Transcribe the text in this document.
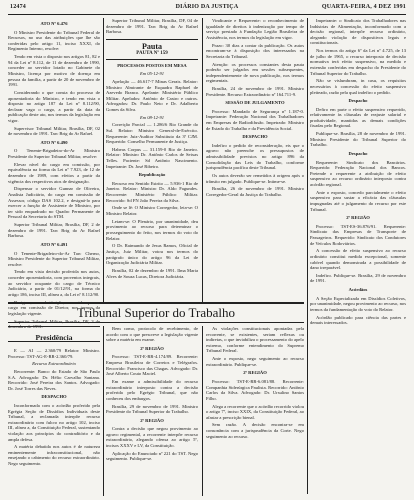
12474	DIÁRIO DA JUSTIÇA	QUARTA-FEIRA, 4 DEZ 1991

ATO Nº 6.476

O Ministro Presidente do Tribunal Federal de Recursos, no uso das atribuições que lhe são conferidas pelo artigo 11, inciso XXXI, do Regimento Interno, resolve:

Tendo em vista o disposto nos artigos 81, 82 e 94 da Lei nº 8.112, de 11 de dezembro de 1990, conceder ao servidor lotado no Gabinete do Ministro, licença por motivo de doença em pessoa da família, a partir de 20 de novembro de 1991.

Considerando o que consta do processo de aposentadoria do Ministro, e tendo em vista o disposto no artigo 187 da Lei nº 8.112/90, declarar vago o cargo, a partir da data da publicação deste ato, nos termos da legislação em vigor.

Supervisor Tribunal Militar, Brasília, DF, 02 de novembro de 1991. Tarc Brig do Ar Rafael.

ATO Nº 6.490

O Tenente-Brigadeiro-do-Ar Ministro Presidente do Superior Tribunal Militar, resolve:

Elevar nível do cargo em comissão, por equivalência na forma da Lei nº 7.923, de 12 de dezembro de 1989, com efeitos a partir da vigência dos respectivos atos de designação.

Dispensar o servidor Gunnar de Oliveira, Analista Judiciário, do cargo em comissão de Assessor, código DAS 102.2, e designá-lo para exercer a função de Assistente de Ministro, por ter sido enquadrado no Quadro Permanente de Pessoal da Secretaria do STM.

Superior Tribunal Militar, Brasília, DF, 2 de dezembro de 1991. Tarc Brig do Ar Rafael Barbosa.

ATO Nº 6.491

O Tenente-Brigadeiro-do-Ar Tarc Cherno, Ministro Presidente do Superior Tribunal Militar, resolve:

Tendo em vista decisão proferida nos autos, conceder aposentadoria, com proventos integrais, ao servidor ocupante do cargo de Técnico Judiciário, a partir de 01/12/91, na forma do artigo 186, inciso III, alínea a, da Lei nº 8.112/90.

Designar, em substituição, o servidor para o cargo em comissão de Diretor, nos termos da legislação vigente.

Superior Tribunal Militar, Brasília, DF, 3 de dezembro de 1991.

Superior Tribunal Militar, Brasília, DF, 04 de dezembro de 1991. Tarc Brig do Ar Rafael Barbosa.

Pauta
PAUTA Nº 159

PROCESSOS POSTOS EM MESA

Em 05-12-91

Apelação — 46.617-7 Minas Gerais. Relator: Ministro Almirante de Esquadra Raphael de Azevedo Branco. Apelante: Ministério Público Militar. Apelados: Antônio de Castro e outros. Advogados: Dr. Paulo Neto e Dr. Adalberto Gomes da Silva.

Em 08-12-91

Correição Parcial — 1.286/6 Rio Grande do Sul. Relator: Ministro General-de-Exército. Requerente: Juiz-Auditor Substituto da 3ª CJM. Requerido: Conselho Permanente de Justiça.

Habeas Corpus — 31.159-0 Rio de Janeiro. Relator: Ministro Dr. Antônio Carlos de Seixas Telles. Paciente: Sd Antônio Nascimento. Impetrante: Dr. José Ribeiro.

Republicação

Recurso em Sentido Estrito — 5.936-1 Rio de Janeiro. Relator: Ministro Dr. Aldo Fagundes. Recorrente: Ministério Público Militar. Recorrido: Sd FN João Pereira da Silva.

Onde se lê: O Ministro Corregedor, leia-se: O Ministro Relator.

Leiam-se: O Plenário, por unanimidade, deu provimento ao recurso para determinar o prosseguimento do feito, nos termos do voto do Relator.

O Dr. Raimundo de Jesus Ramos, Oficial de Justiça, Juiz Militar, votou nos termos do parágrafo único do artigo 96 da Lei de Organização Judiciária Militar.

Brasília, 02 de dezembro de 1991. Ilma Maria Alves de Souza Lucas, Diretora Judiciária.

Vindicante e Requerente: o reconhecimento de igualdade de direitos à indenização por tempo de serviço prestado à Fundação Legião Brasileira de Assistência, nos termos da legislação em vigor.

Prazo: 30 dias a contar da publicação. Os autos encontram-se à disposição dos interessados na Secretaria do Tribunal.

Atenção: os processos constantes desta pauta poderão ser julgados em sessões subsequentes, independentemente de nova publicação, nos termos regimentais.

Brasília, 24 de novembro de 1991. Ministro Presidente. Recurso Extraordinário nº 164.711-9.

SESSÃO DE JULGAMENTO

Processo: Mandado de Segurança nº 1.187-0. Impetrante: Federação Nacional dos Trabalhadores em Empresas de Radiodifusão. Impetrado: Ministro de Estado do Trabalho e da Previdência Social.

DESPACHO

Indefiro o pedido de reconsideração, eis que o agravo não preenche os pressupostos de admissibilidade previstos no artigo 896 da Consolidação das Leis do Trabalho, conforme jurisprudência pacífica deste Tribunal.

Os autos deverão ser remetidos à origem após o trânsito em julgado. Publique-se. Intime-se.

Brasília, 26 de novembro de 1991. Ministro Corregedor-Geral da Justiça do Trabalho.

Impetrante: o Sindicato dos Trabalhadores nas Indústrias de Alimentação, inconformado com a decisão regional, interpõe recurso ordinário, alegando violação de dispositivos legais e constitucionais.

Nos termos do artigo 6º da Lei nº 4.725, de 13 de julho de 1965, o recurso interposto de decisão normativa terá efeito suspensivo, na medida e extensão conferidas em despacho do Presidente do Tribunal Superior do Trabalho.

Não se vislumbram, in casu, os requisitos necessários à concessão do efeito suspensivo pleiteado, razão pela qual indefiro o pedido.

Despacho

Defiro em parte o efeito suspensivo requerido, relativamente às cláusulas de reajuste salarial e produtividade, mantidas as demais condições fixadas pelo Regional.

Publique-se. Brasília, 28 de novembro de 1991. Ministro Presidente do Tribunal Superior do Trabalho.

Despacho

Requerente: Sindicato dos Bancários. Requerido: Federação Nacional dos Bancos. Pretende o requerente a atribuição de efeito suspensivo ao recurso ordinário interposto contra acórdão regional.

Ante o exposto, concedo parcialmente o efeito suspensivo para sustar a eficácia das cláusulas impugnadas até o julgamento do recurso por este Tribunal.

2º REGIÃO

Processo: TST-ES-36.876/91. Requerente: Sindicato das Empresas de Transporte de Passageiros. Requerido: Sindicato dos Condutores de Veículos Rodoviários.

A concessão de efeito suspensivo ao recurso ordinário constitui medida excepcional, somente cabível quando demonstrada a possibilidade de dano irreparável.

Indefiro. Publique-se. Brasília, 29 de novembro de 1991.

Acórdãos

A Seção Especializada em Dissídios Coletivos, por unanimidade, negou provimento ao recurso, nos termos da fundamentação do voto do Relator.

Acórdão publicado para ciência das partes e demais interessados.

Tribunal Superior do Trabalho
Presidência

E — AI — 2.360/79 Relator: Ministro. Processo: TST-AG-E-RR-2.360/79.

Recurso Extraordinário

Recorrente: Banco do Estado de São Paulo S.A. Advogado: Dr. Hélio Carvalho Santana. Recorrido: José Pereira dos Santos. Advogado: Dr. José Torres das Neves.

DESPACHO

Inconformada com o acórdão proferido pela Egrégia Seção de Dissídios Individuais deste Tribunal, a reclamada interpõe recurso extraordinário com fulcro no artigo 102, inciso III, alínea a, da Constituição Federal, sustentando violação aos princípios do contraditório e da ampla defesa.

A matéria debatida nos autos é de natureza eminentemente infraconstitucional, não ensejando o cabimento do recurso extraordinário. Nego seguimento.

Bem como, protocolo de recebimento, de acordo com o que prescreve a legislação vigente sobre a matéria em exame.

2º REGIÃO

Processo: TST-E-RR-4.174/89. Recorrente: Empresa Brasileira de Correios e Telégrafos. Recorrido: Francisco das Chagas. Advogado: Dr. José Alberto Couto Maciel.

Em exame a admissibilidade do recurso extraordinário interposto contra a decisão proferida pelo Egrégio Tribunal, que não conheceu dos embargos.

Brasília, 29 de novembro de 1991. Ministro Presidente do Tribunal Superior do Trabalho.

2º REGIÃO

Contra a decisão que negou provimento ao agravo regimental, a recorrente interpõe recurso extraordinário, alegando ofensa ao artigo 5º, incisos XXXV e LV, da Constituição.

Aplicação do Enunciado nº 221 do TST. Nego seguimento. Publique-se.

As violações constitucionais apontadas pela recorrente, se existentes, seriam reflexas ou indiretas, o que inviabiliza o processamento do apelo extremo, conforme entendimento do Supremo Tribunal Federal.

Ante o exposto, nego seguimento ao recurso extraordinário. Publique-se.

2º REGIÃO

Processo: TST-E-RR-6.081/88. Recorrente: Companhia Siderúrgica Paulista. Recorrido: Antônio Carlos da Silva. Advogado: Dr. Ursulino Santos Filho.

Alega a recorrente que o acórdão recorrido violou o artigo 7º, inciso XXIX, da Constituição Federal, ao afastar a prescrição bienal.

Sem razão. A decisão encontra-se em consonância com a jurisprudência da Corte. Nego seguimento ao recurso.
